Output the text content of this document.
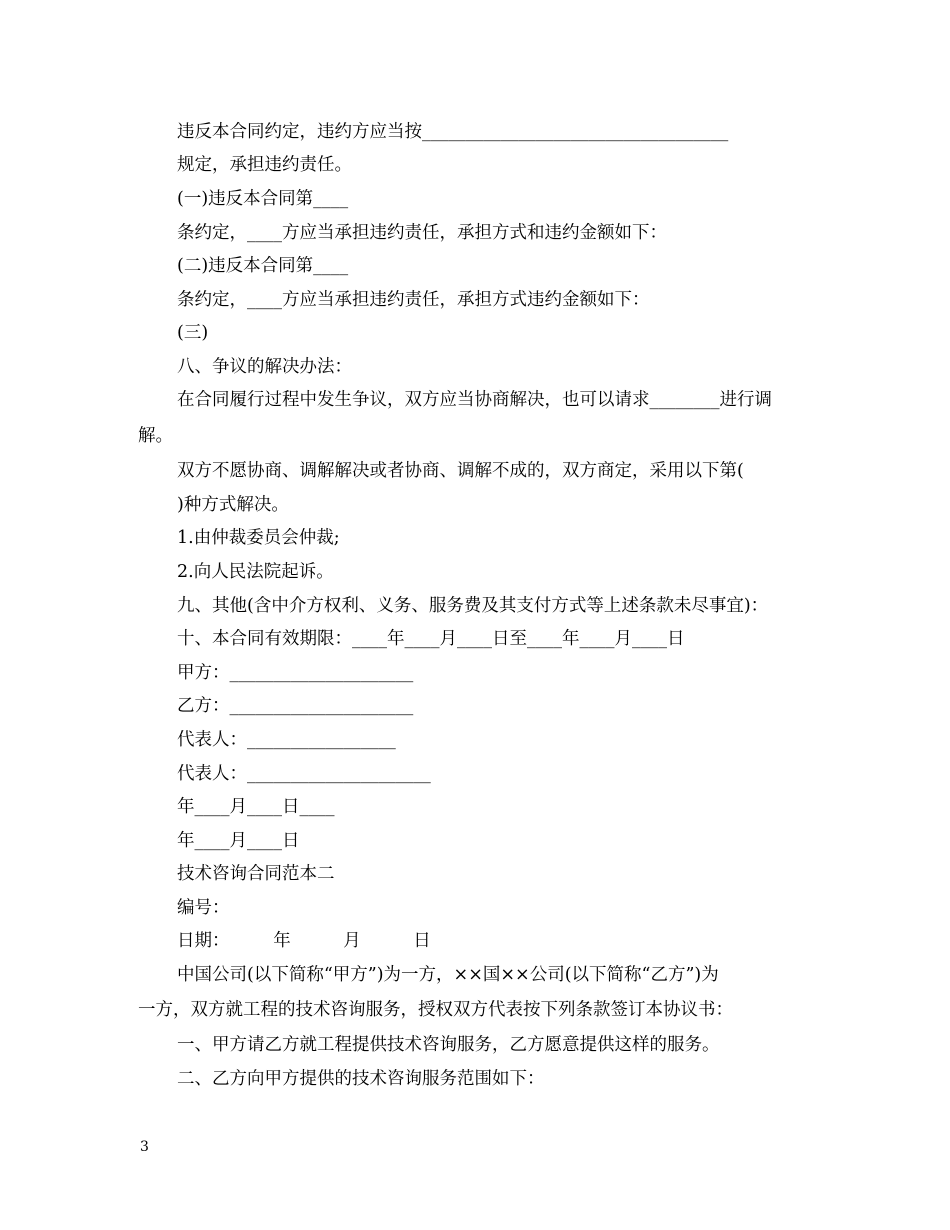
违反本合同约定，违约方应当按___________________________________
规定，承担违约责任。
(一)违反本合同第____
条约定，____方应当承担违约责任，承担方式和违约金额如下：
(二)违反本合同第____
条约定，____方应当承担违约责任，承担方式违约金额如下：
(三)
八、争议的解决办法：
在合同履行过程中发生争议，双方应当协商解决，也可以请求________进行调
解。
双方不愿协商、调解解决或者协商、调解不成的，双方商定，采用以下第(
)种方式解决。
1.由仲裁委员会仲裁;
2.向人民法院起诉。
九、其他(含中介方权利、义务、服务费及其支付方式等上述条款未尽事宜)：
十、本合同有效期限：____年____月____日至____年____月____日
甲方：_____________________
乙方：_____________________
代表人：_________________
代表人：_____________________
年____月____日____
年____月____日
技术咨询合同范本二
编号：
日期：　　　年　　　月　　　日
中国公司(以下简称“甲方”)为一方，××国××公司(以下简称“乙方”)为
一方，双方就工程的技术咨询服务，授权双方代表按下列条款签订本协议书：
一、甲方请乙方就工程提供技术咨询服务，乙方愿意提供这样的服务。
二、乙方向甲方提供的技术咨询服务范围如下：
3
